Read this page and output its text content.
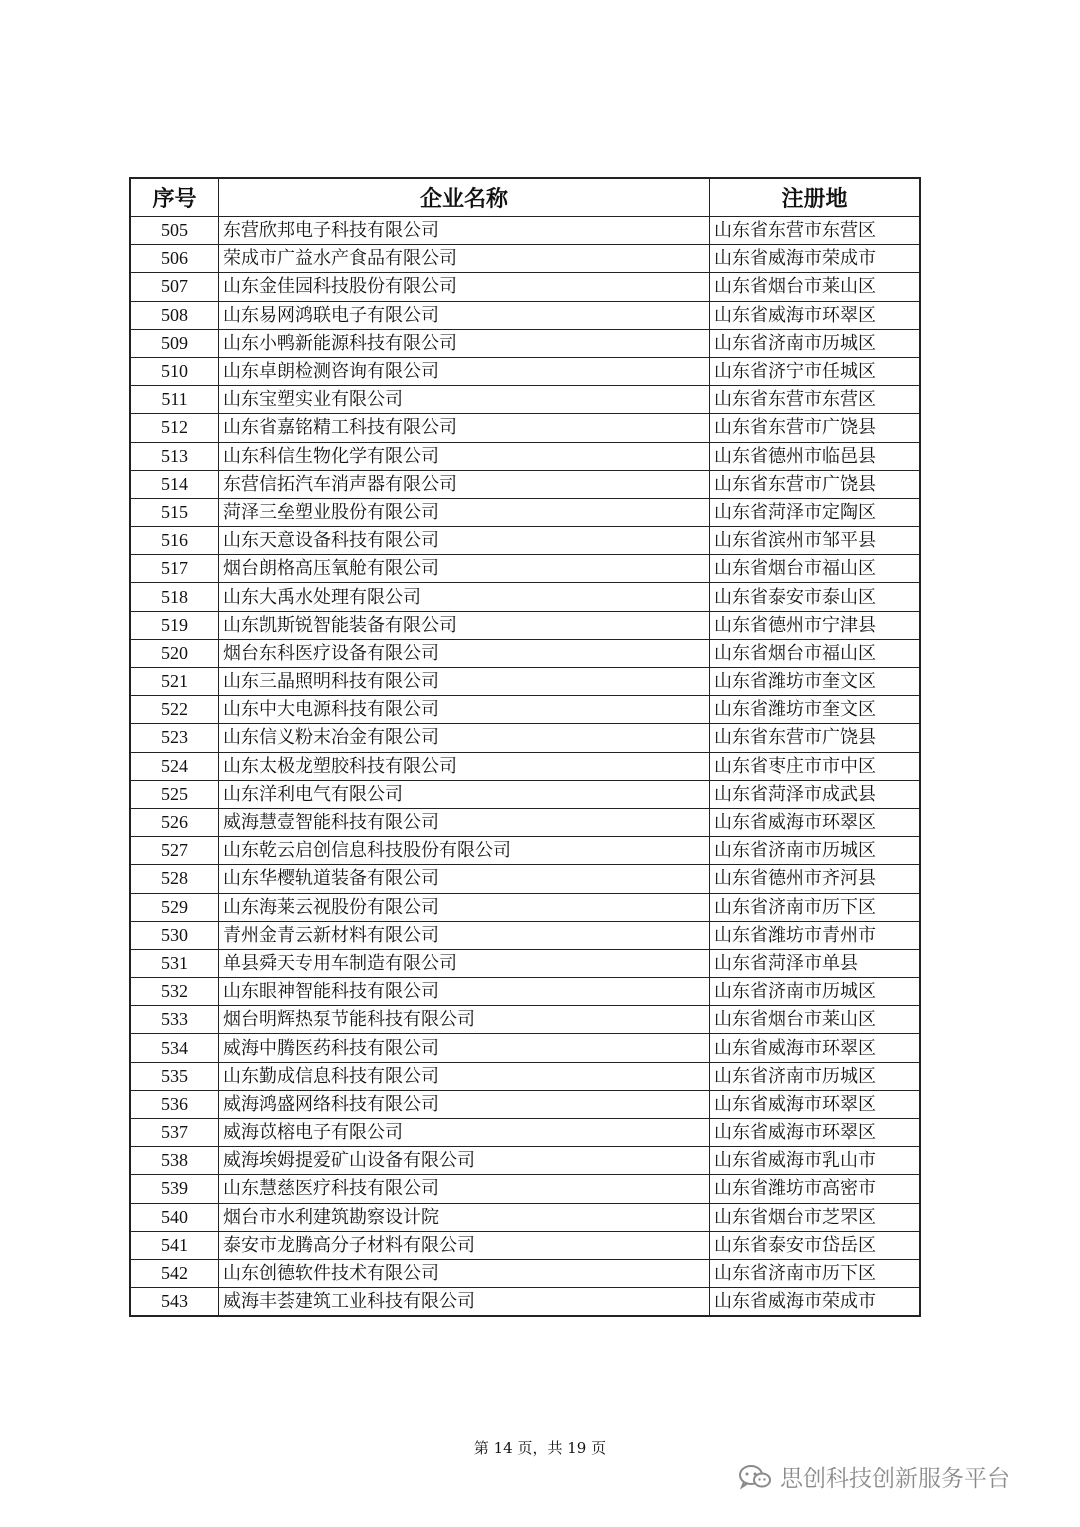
序号	企业名称	注册地
505	东营欣邦电子科技有限公司	山东省东营市东营区
506	荣成市广益水产食品有限公司	山东省威海市荣成市
507	山东金佳园科技股份有限公司	山东省烟台市莱山区
508	山东易网鸿联电子有限公司	山东省威海市环翠区
509	山东小鸭新能源科技有限公司	山东省济南市历城区
510	山东卓朗检测咨询有限公司	山东省济宁市任城区
511	山东宝塑实业有限公司	山东省东营市东营区
512	山东省嘉铭精工科技有限公司	山东省东营市广饶县
513	山东科信生物化学有限公司	山东省德州市临邑县
514	东营信拓汽车消声器有限公司	山东省东营市广饶县
515	菏泽三垒塑业股份有限公司	山东省菏泽市定陶区
516	山东天意设备科技有限公司	山东省滨州市邹平县
517	烟台朗格高压氧舱有限公司	山东省烟台市福山区
518	山东大禹水处理有限公司	山东省泰安市泰山区
519	山东凯斯锐智能装备有限公司	山东省德州市宁津县
520	烟台东科医疗设备有限公司	山东省烟台市福山区
521	山东三晶照明科技有限公司	山东省潍坊市奎文区
522	山东中大电源科技有限公司	山东省潍坊市奎文区
523	山东信义粉末冶金有限公司	山东省东营市广饶县
524	山东太极龙塑胶科技有限公司	山东省枣庄市市中区
525	山东洋利电气有限公司	山东省菏泽市成武县
526	威海慧壹智能科技有限公司	山东省威海市环翠区
527	山东乾云启创信息科技股份有限公司	山东省济南市历城区
528	山东华樱轨道装备有限公司	山东省德州市齐河县
529	山东海莱云视股份有限公司	山东省济南市历下区
530	青州金青云新材料有限公司	山东省潍坊市青州市
531	单县舜天专用车制造有限公司	山东省菏泽市单县
532	山东眼神智能科技有限公司	山东省济南市历城区
533	烟台明辉热泵节能科技有限公司	山东省烟台市莱山区
534	威海中腾医药科技有限公司	山东省威海市环翠区
535	山东勤成信息科技有限公司	山东省济南市历城区
536	威海鸿盛网络科技有限公司	山东省威海市环翠区
537	威海苡榕电子有限公司	山东省威海市环翠区
538	威海埃姆提爱矿山设备有限公司	山东省威海市乳山市
539	山东慧慈医疗科技有限公司	山东省潍坊市高密市
540	烟台市水利建筑勘察设计院	山东省烟台市芝罘区
541	泰安市龙腾高分子材料有限公司	山东省泰安市岱岳区
542	山东创德软件技术有限公司	山东省济南市历下区
543	威海丰荟建筑工业科技有限公司	山东省威海市荣成市
第 14 页，共 19 页
思创科技创新服务平台
